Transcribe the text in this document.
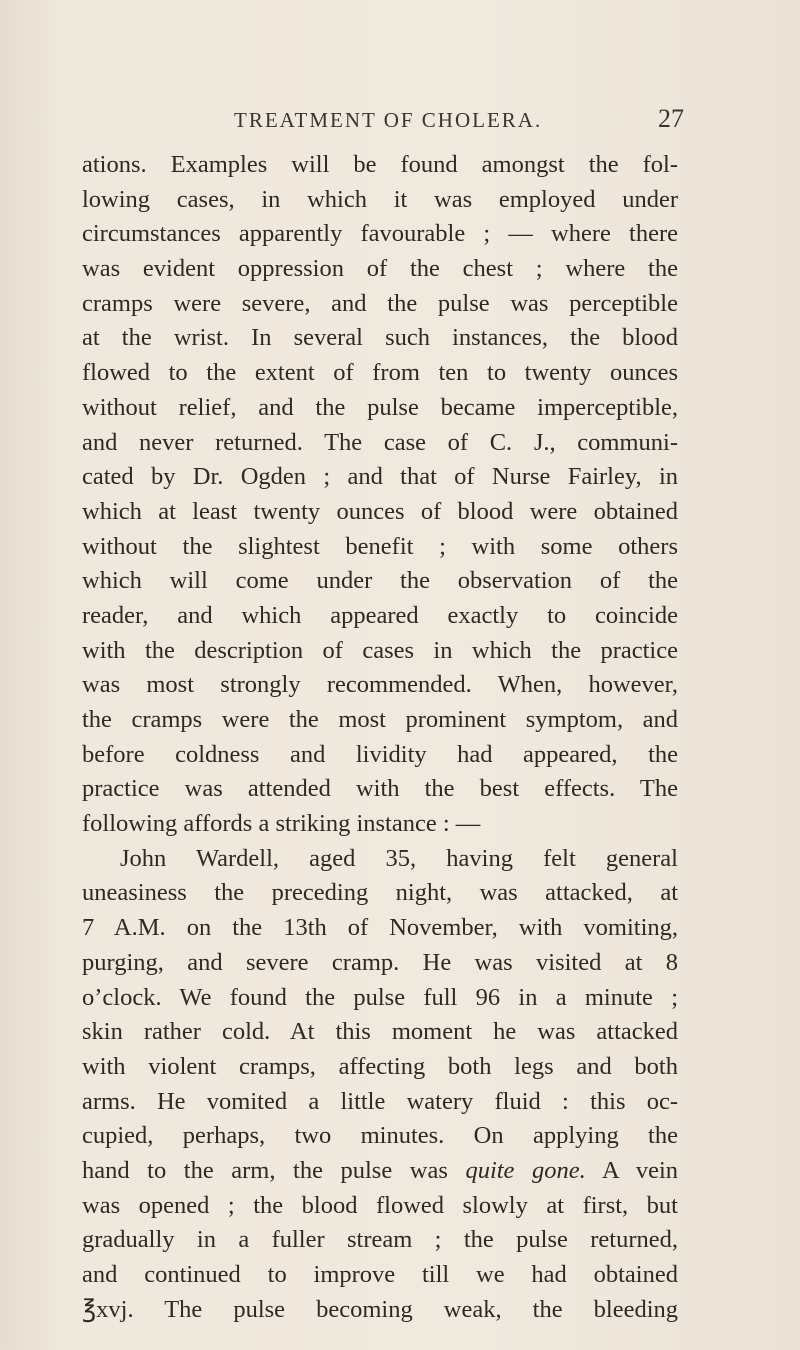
TREATMENT OF CHOLERA.	27
ations. Examples will be found amongst the fol-
lowing cases, in which it was employed under
circumstances apparently favourable ; — where there
was evident oppression of the chest ; where the
cramps were severe, and the pulse was perceptible
at the wrist. In several such instances, the blood
flowed to the extent of from ten to twenty ounces
without relief, and the pulse became imperceptible,
and never returned. The case of C. J., communi-
cated by Dr. Ogden ; and that of Nurse Fairley, in
which at least twenty ounces of blood were obtained
without the slightest benefit ; with some others
which will come under the observation of the
reader, and which appeared exactly to coincide
with the description of cases in which the practice
was most strongly recommended. When, however,
the cramps were the most prominent symptom, and
before coldness and lividity had appeared, the
practice was attended with the best effects. The
following affords a striking instance : —
John Wardell, aged 35, having felt general
uneasiness the preceding night, was attacked, at
7 A.M. on the 13th of November, with vomiting,
purging, and severe cramp. He was visited at 8
o’clock. We found the pulse full 96 in a minute ;
skin rather cold. At this moment he was attacked
with violent cramps, affecting both legs and both
arms. He vomited a little watery fluid : this oc-
cupied, perhaps, two minutes. On applying the
hand to the arm, the pulse was quite gone. A vein
was opened ; the blood flowed slowly at first, but
gradually in a fuller stream ; the pulse returned,
and continued to improve till we had obtained
℥xvj. The pulse becoming weak, the bleeding
